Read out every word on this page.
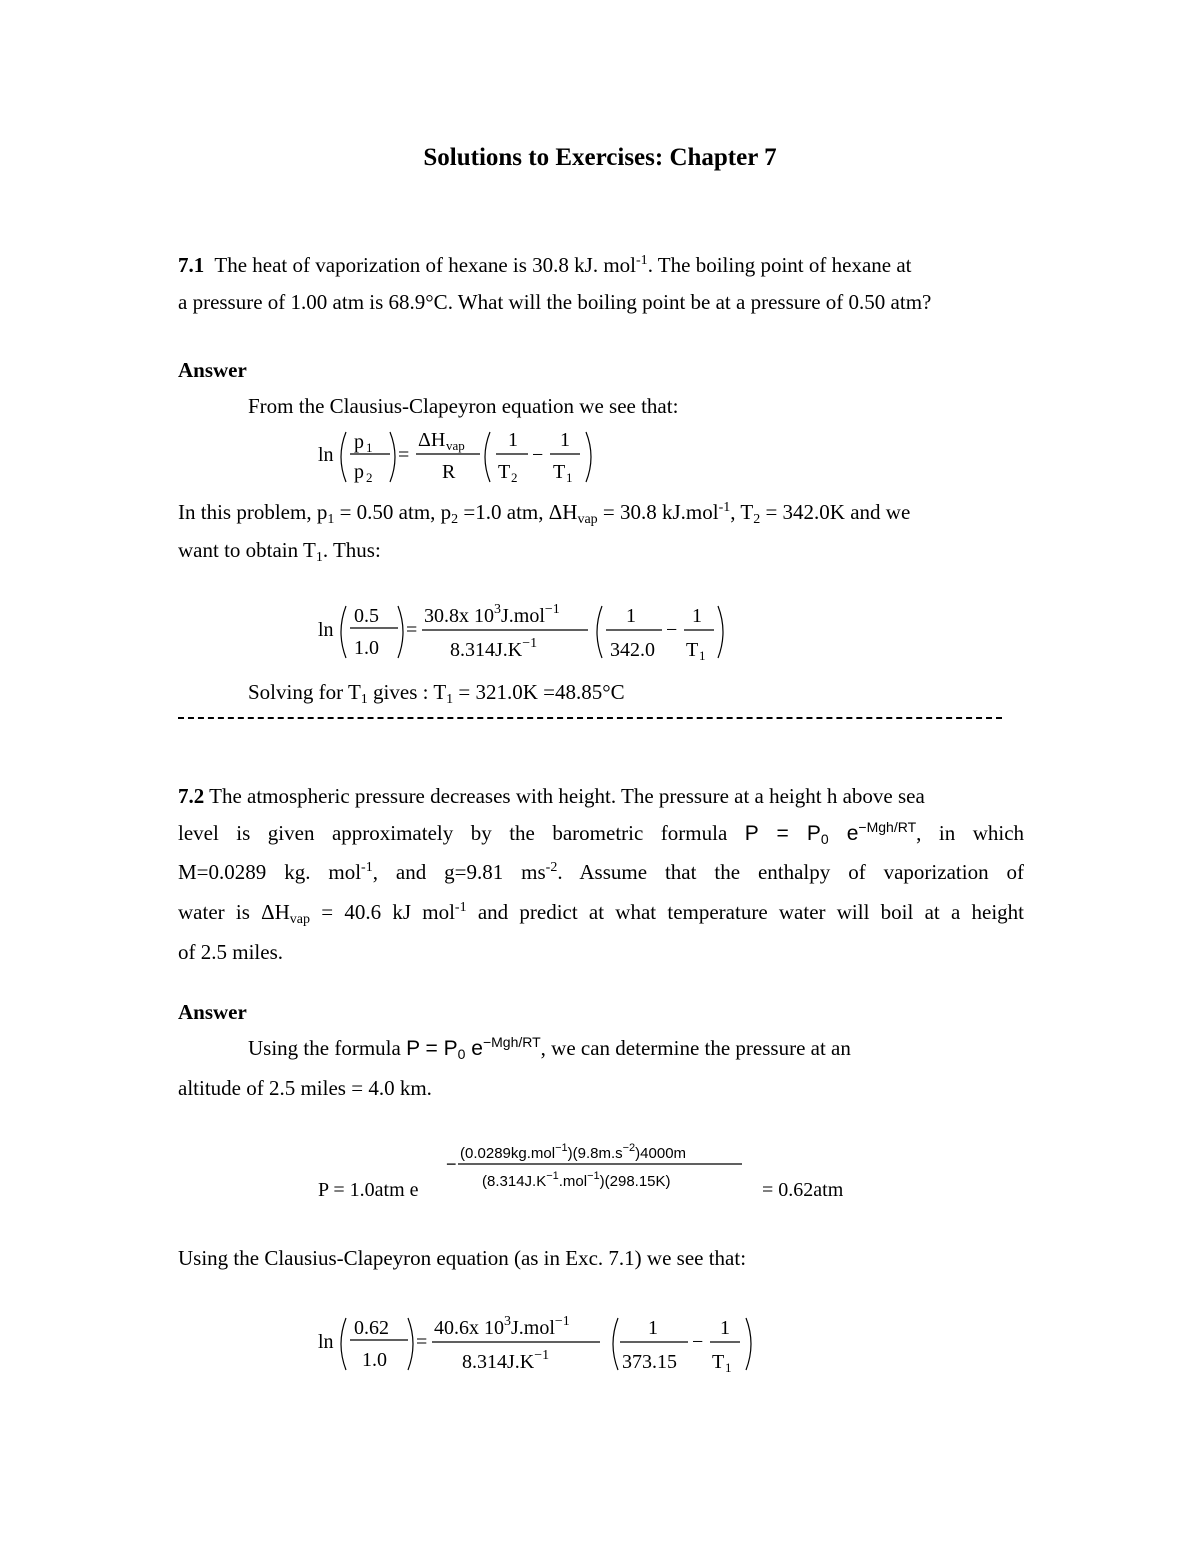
Solutions to Exercises: Chapter 7
7.1 The heat of vaporization of hexane is 30.8 kJ. mol$^{-1}$. The boiling point of hexane at
a pressure of 1.00 atm is 68.9°C. What will the boiling point be at a pressure of 0.50 atm?
Answer
From the Clausius-Clapeyron equation we see that:
ln
p 1
p 2
=
ΔH vap
R
1
T 2
−
1
T 1
In this problem, p1 = 0.50 atm, p2 =1.0 atm, ΔHvap = 30.8 kJ.mol$^{-1}$, T2 = 342.0K and we
want to obtain T1. Thus:
ln
0.5
1.0
=
30.8x $10^3J.mol^{-1}$
$8.314J.K^{-1}$
1
342.0
−
1
T 1
Solving for T1 gives : T1 = 321.0K =48.85°C
7.2 The atmospheric pressure decreases with height. The pressure at a height h above sea
level is given approximately by the barometric formula P = P0 $e^{-Mgh/RT}$, in which
M=0.0289 kg. mol$^{-1}$, and g=9.81 $ms^{-2}$. Assume that the enthalpy of vaporization of
water is ΔHvap = 40.6 kJ mol$^{-1}$ and predict at what temperature water will boil at a height
of 2.5 miles.
Answer
Using the formula P = P0 $e^{-Mgh/RT}$, we can determine the pressure at an
altitude of 2.5 miles = 4.0 km.
P = 1.0atm e
−
$(0.0289kg.mol^{-1})(9.8m.s^{-2})4000m$
$(8.314J.K^{-1}.mol^{-1})(298.15K)$	= 0.62atm
Using the Clausius-Clapeyron equation (as in Exc. 7.1) we see that:
ln
0.62
1.0
=
40.6x $10^3J.mol^{-1}$
$8.314J.K^{-1}$
1
373.15
−
1
T 1
